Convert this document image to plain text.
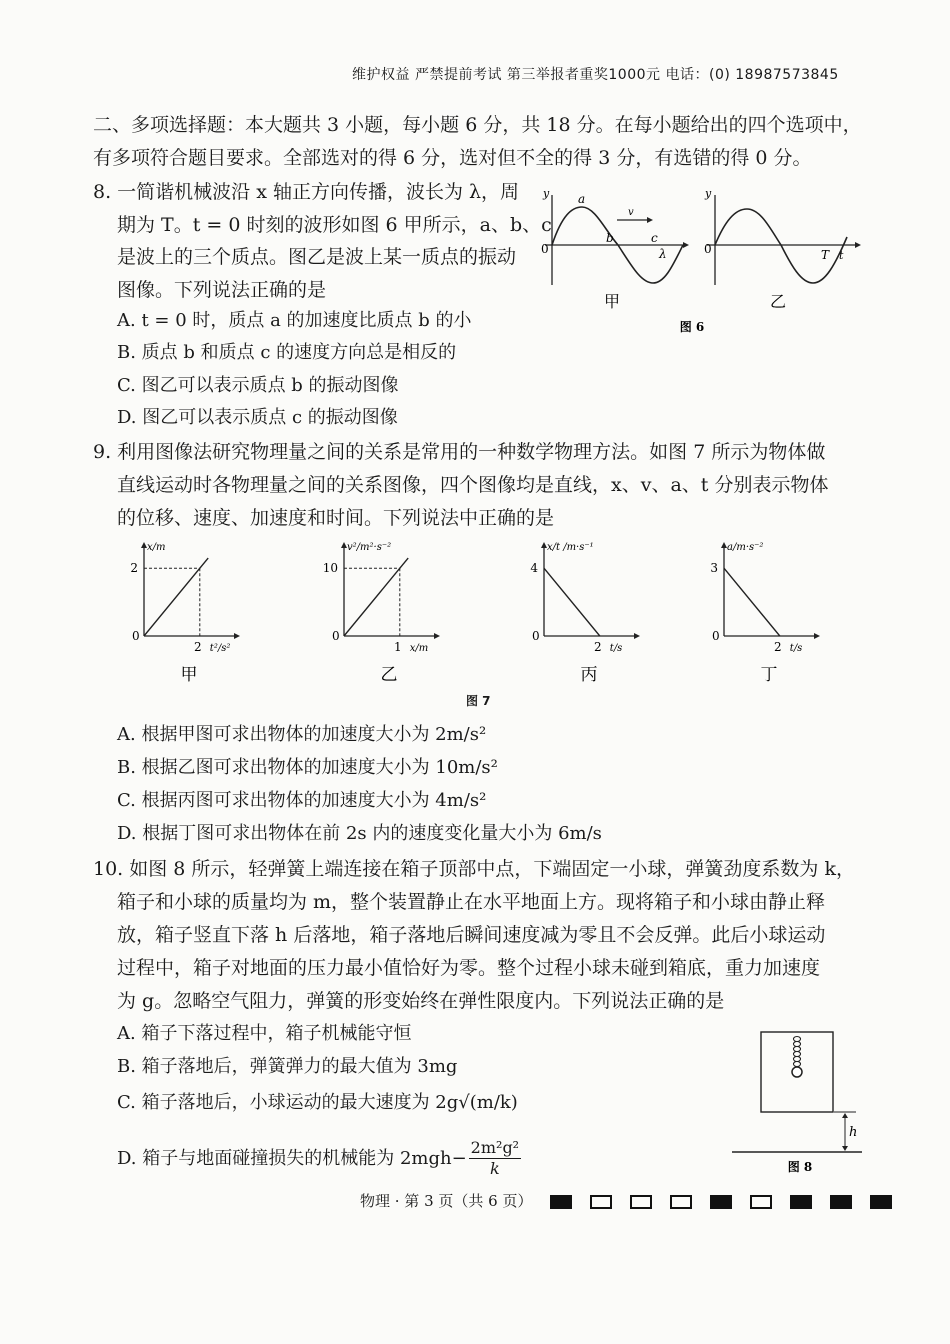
维护权益 严禁提前考试 第三举报者重奖1000元 电话：(0) 18987573845
二、多项选择题：本大题共 3 小题，每小题 6 分，共 18 分。在每小题给出的四个选项中，
有多项符合题目要求。全部选对的得 6 分，选对但不全的得 3 分，有选错的得 0 分。
8. 一简谐机械波沿 x 轴正方向传播，波长为 λ，周
期为 T。t = 0 时刻的波形如图 6 甲所示，a、b、c
是波上的三个质点。图乙是波上某一质点的振动
图像。下列说法正确的是
A. t = 0 时，质点 a 的加速度比质点 b 的小
B. 质点 b 和质点 c 的速度方向总是相反的
C. 图乙可以表示质点 b 的振动图像
D. 图乙可以表示质点 c 的振动图像
y
0
a
b	c
λ
v
甲
y
0	T t
乙
图 6
9. 利用图像法研究物理量之间的关系是常用的一种数学物理方法。如图 7 所示为物体做
直线运动时各物理量之间的关系图像，四个图像均是直线，x、v、a、t 分别表示物体
的位移、速度、加速度和时间。下列说法中正确的是
0
2
2
x/m
t²/s²
甲
0
10
1
v²/m²·s⁻²
x/m
乙
0
4
2
x/t /m·s⁻¹
t/s
丙
0
3
2
a/m·s⁻²
t/s
丁
图 7
A. 根据甲图可求出物体的加速度大小为 2m/s²
B. 根据乙图可求出物体的加速度大小为 10m/s²
C. 根据丙图可求出物体的加速度大小为 4m/s²
D. 根据丁图可求出物体在前 2s 内的速度变化量大小为 6m/s
10. 如图 8 所示，轻弹簧上端连接在箱子顶部中点，下端固定一小球，弹簧劲度系数为 k，
箱子和小球的质量均为 m，整个装置静止在水平地面上方。现将箱子和小球由静止释
放，箱子竖直下落 h 后落地，箱子落地后瞬间速度减为零且不会反弹。此后小球运动
过程中，箱子对地面的压力最小值恰好为零。整个过程小球未碰到箱底，重力加速度
为 g。忽略空气阻力，弹簧的形变始终在弹性限度内。下列说法正确的是
A. 箱子下落过程中，箱子机械能守恒
B. 箱子落地后，弹簧弹力的最大值为 3mg
C. 箱子落地后，小球运动的最大速度为 2g√(m/k)
D. 箱子与地面碰撞损失的机械能为 $2mgh- \frac{\text{2m²g²}}{k}$
h
图 8
物理 · 第 3 页（共 6 页）
